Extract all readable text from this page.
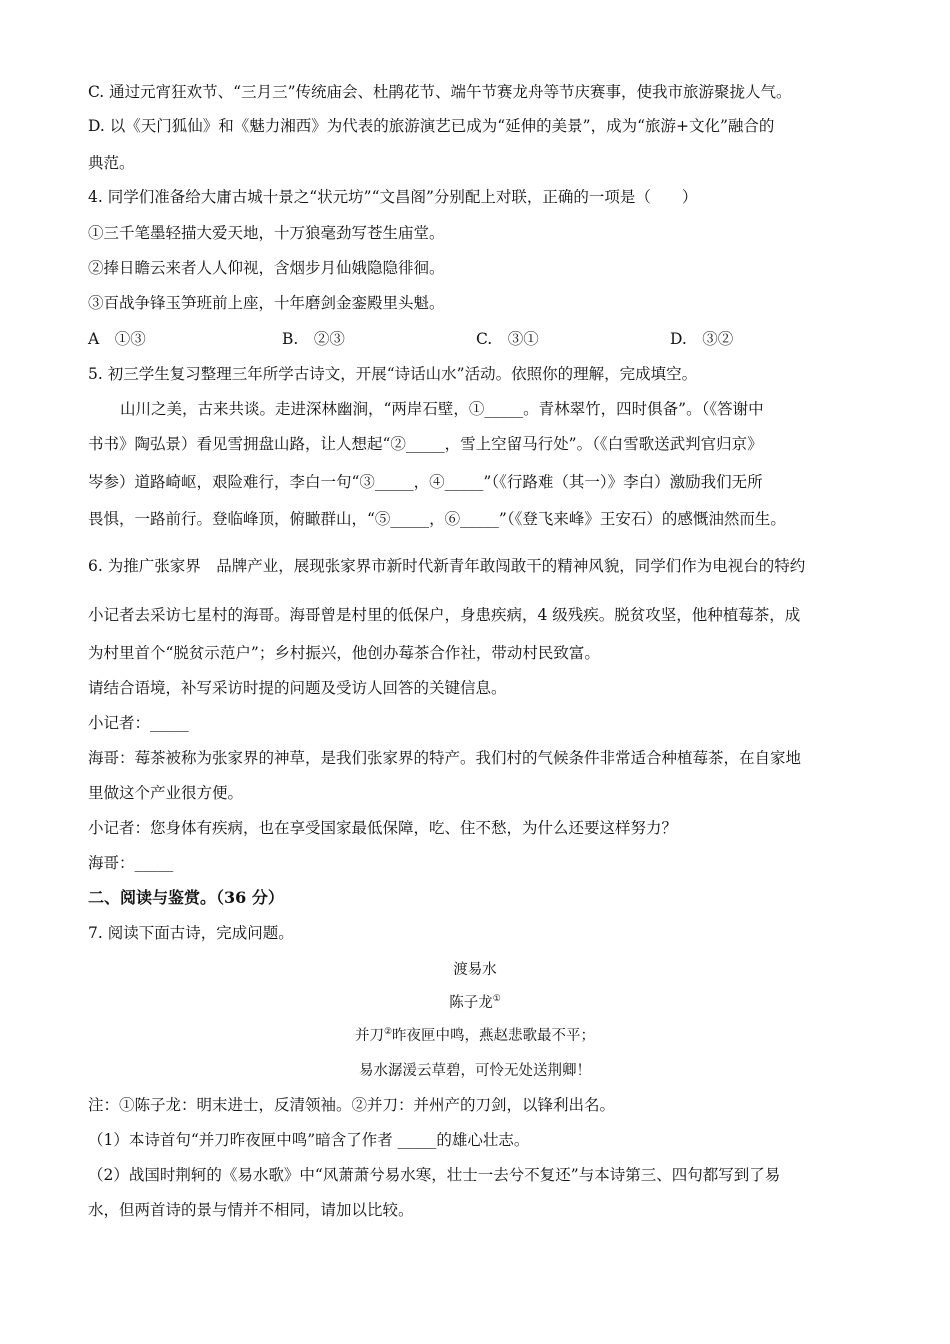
C. 通过元宵狂欢节、“三月三”传统庙会、杜鹃花节、端午节赛龙舟等节庆赛事，使我市旅游聚拢人气。
D. 以《天门狐仙》和《魅力湘西》为代表的旅游演艺已成为“延伸的美景”，成为“旅游+文化”融合的
典范。
4. 同学们准备给大庸古城十景之“状元坊”“文昌阁”分别配上对联，正确的一项是（　　）
①三千笔墨轻描大爱天地，十万狼毫劲写苍生庙堂。
②捧日瞻云来者人人仰视，含烟步月仙娥隐隐徘徊。
③百战争锋玉笋班前上座，十年磨剑金銮殿里头魁。
A　①③	B.　②③	C.　③①	D.　③②
5. 初三学生复习整理三年所学古诗文，开展“诗话山水”活动。依照你的理解，完成填空。
山川之美，古来共谈。走进深林幽涧，“两岸石壁，①_____。青林翠竹，四时俱备”。（《答谢中
书书》陶弘景）看见雪拥盘山路，让人想起“②_____，雪上空留马行处”。（《白雪歌送武判官归京》
岑参）道路崎岖，艰险难行，李白一句“③_____，④_____”（《行路难（其一）》李白）激励我们无所
畏惧，一路前行。登临峰顶，俯瞰群山，“⑤_____，⑥_____”（《登飞来峰》王安石）的感慨油然而生。
6. 为推广张家界　品牌产业，展现张家界市新时代新青年敢闯敢干的精神风貌，同学们作为电视台的特约
小记者去采访七星村的海哥。海哥曾是村里的低保户，身患疾病，4 级残疾。脱贫攻坚，他种植莓茶，成
为村里首个“脱贫示范户”；乡村振兴，他创办莓茶合作社，带动村民致富。
请结合语境，补写采访时提的问题及受访人回答的关键信息。
小记者：_____
海哥：莓茶被称为张家界的神草，是我们张家界的特产。我们村的气候条件非常适合种植莓茶，在自家地
里做这个产业很方便。
小记者：您身体有疾病，也在享受国家最低保障，吃、住不愁，为什么还要这样努力？
海哥：_____
二、阅读与鉴赏。（36 分）
7. 阅读下面古诗，完成问题。
渡易水
陈子龙①
并刀②昨夜匣中鸣，燕赵悲歌最不平；
易水潺湲云草碧，可怜无处送荆卿！
注：①陈子龙：明末进士，反清领袖。②并刀：并州产的刀剑，以锋利出名。
（1）本诗首句“并刀昨夜匣中鸣”暗含了作者 _____的雄心壮志。
（2）战国时荆轲的《易水歌》中“风萧萧兮易水寒，壮士一去兮不复还”与本诗第三、四句都写到了易
水，但两首诗的景与情并不相同，请加以比较。
